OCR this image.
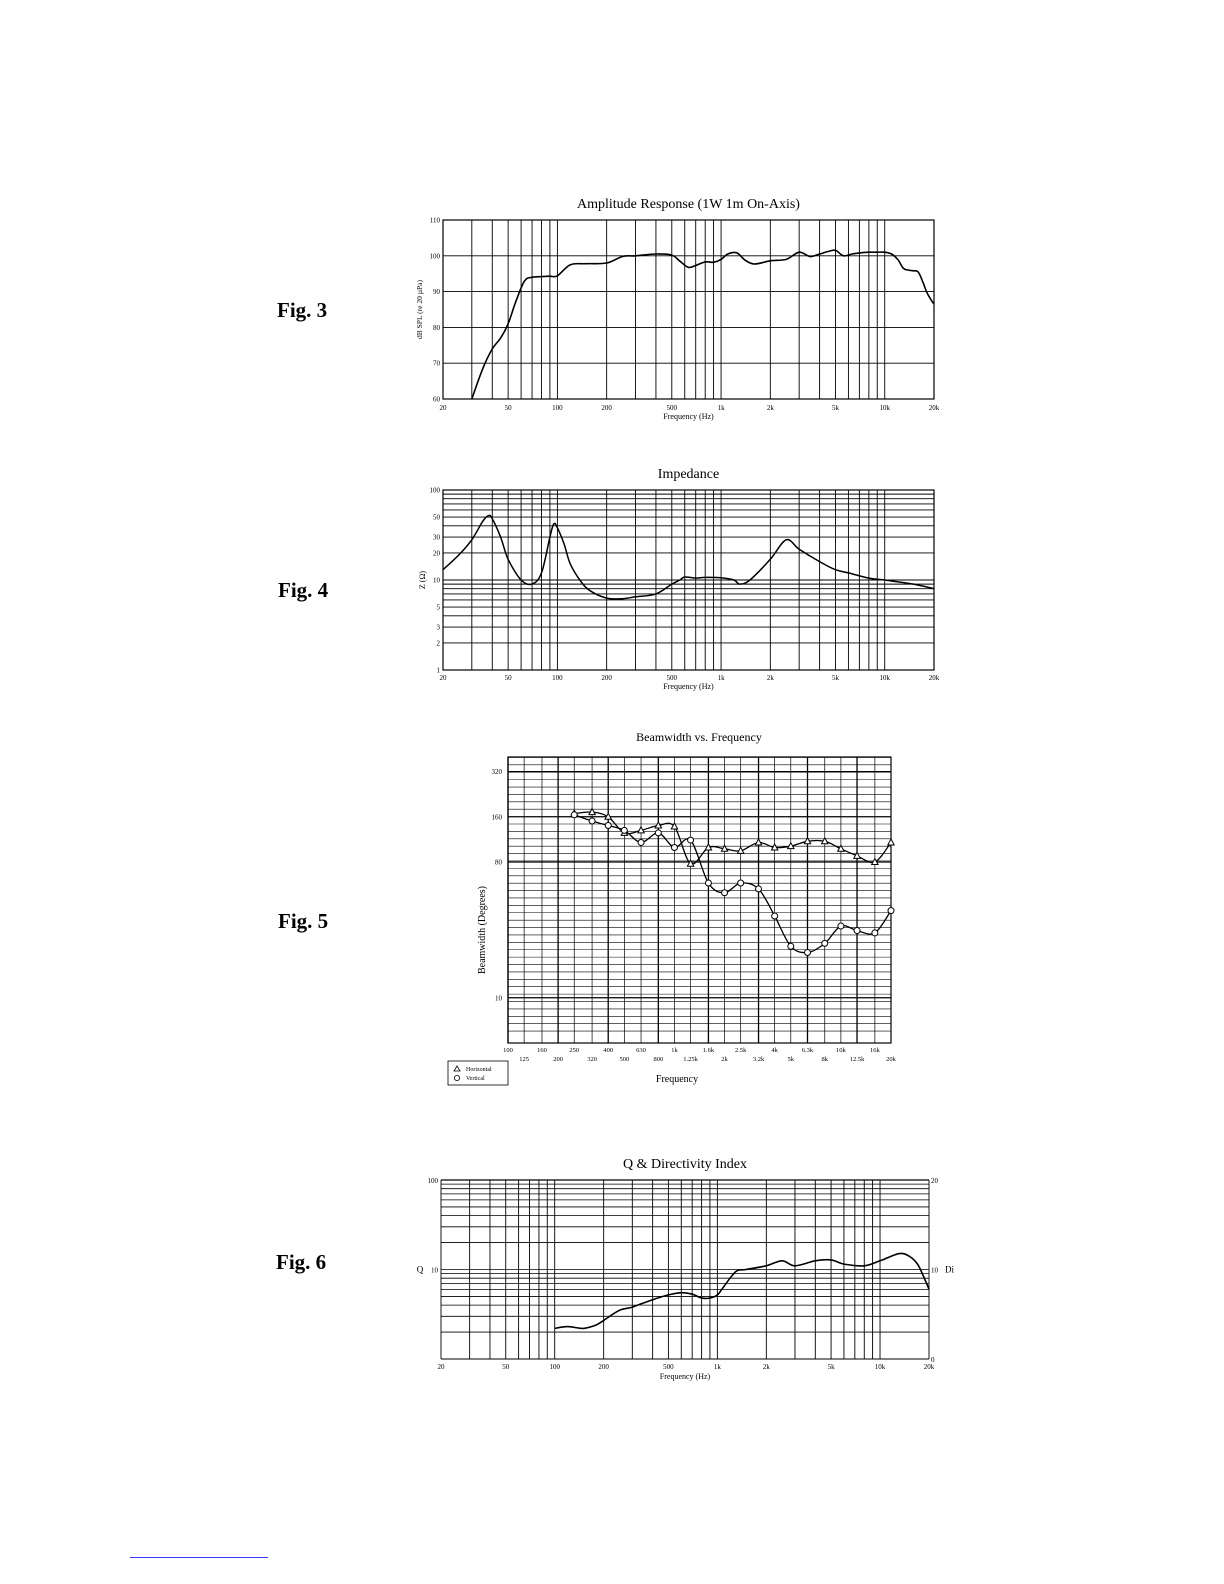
Fig. 3
Fig. 4
Fig. 5
Fig. 6
Amplitude Response (1W 1m On-Axis)
20	50	100	200	500	1k	2k	5k	10k	20k
60
70
80
90
100
110
Frequency (Hz)
dB SPL (re 20 µPa)
Impedance
20	50	100	200	500	1k	2k	5k	10k	20k
1
2
3
5
10
20
30
50
100
Frequency (Hz)
Z (Ω)
Beamwidth vs. Frequency
10
80
160
320
100	160	250	400	630	1k	1.6k	2.5k	4k	6.3k	10k	16k
125	200	320	500	800	1.25k	2k	3.2k	5k	8k	12.5k	20k
Frequency
Beamwidth (Degrees)
Horizontal
Vertical
Q & Directivity Index
20	50	100	200	500	1k	2k	5k	10k	20k
100
10
Q
20
10
0
Di
Frequency (Hz)
